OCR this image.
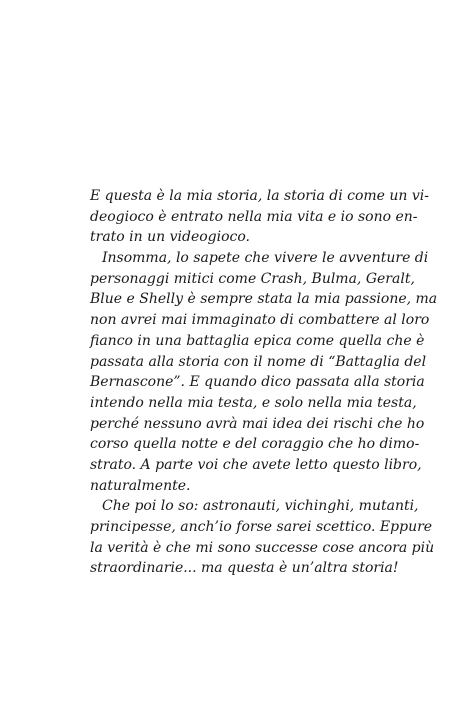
E questa è la mia storia, la storia di come un vi-
deogioco è entrato nella mia vita e io sono en-
trato in un videogioco.
Insomma, lo sapete che vivere le avventure di
personaggi mitici come Crash, Bulma, Geralt,
Blue e Shelly è sempre stata la mia passione, ma
non avrei mai immaginato di combattere al loro
fianco in una battaglia epica come quella che è
passata alla storia con il nome di “Battaglia del
Bernascone”. E quando dico passata alla storia
intendo nella mia testa, e solo nella mia testa,
perché nessuno avrà mai idea dei rischi che ho
corso quella notte e del coraggio che ho dimo-
strato. A parte voi che avete letto questo libro,
naturalmente.
Che poi lo so: astronauti, vichinghi, mutanti,
principesse, anch’io forse sarei scettico. Eppure
la verità è che mi sono successe cose ancora più
straordinarie... ma questa è un’altra storia!
